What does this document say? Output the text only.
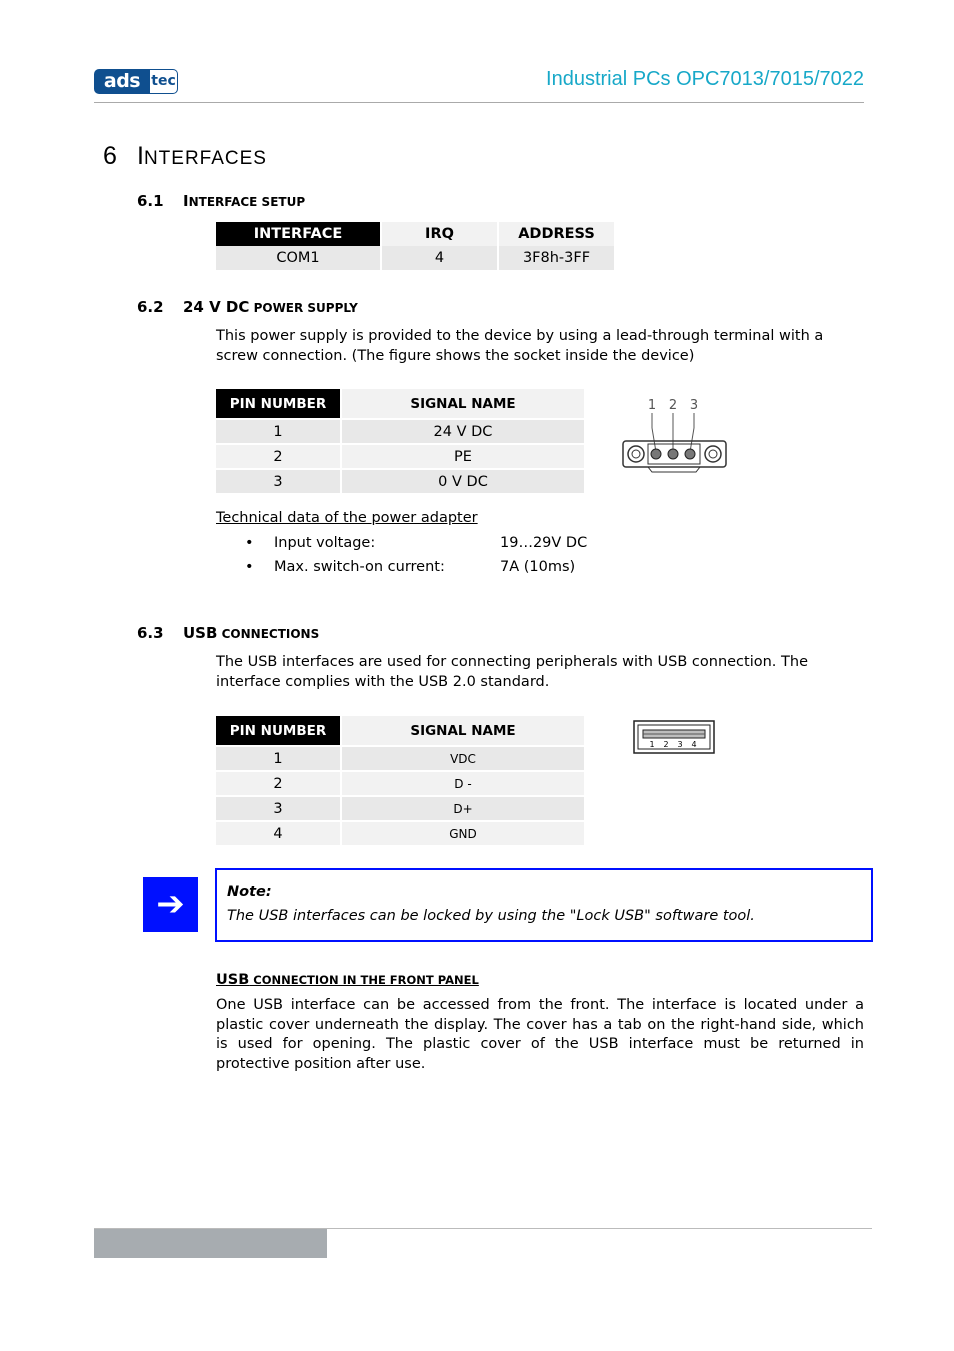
ads tec	Industrial PCs OPC7013/7015/7022
6 INTERFACES
6.1 INTERFACE SETUP
INTERFACE	IRQ	ADDRESS
COM1	4	3F8h-3FF
6.2 24 V DC POWER SUPPLY
This power supply is provided to the device by using a lead-through terminal with a screw connection. (The figure shows the socket inside the device)
PIN NUMBER	SIGNAL NAME
1	24 V DC
2	PE
3	0 V DC
1 2 3
Technical data of the power adapter
• Input voltage:	19…29V DC
• Max. switch-on current:	7A (10ms)
6.3 USB CONNECTIONS
The USB interfaces are used for connecting peripherals with USB connection. The interface complies with the USB 2.0 standard.
PIN NUMBER	SIGNAL NAME
1	VDC
2	D -
3	D+
4	GND
1 2 3 4
➔	Note:
The USB interfaces can be locked by using the "Lock USB" software tool.
USB CONNECTION IN THE FRONT PANEL
One USB interface can be accessed from the front. The interface is located under a plastic cover underneath the display. The cover has a tab on the right-hand side, which is used for opening. The plastic cover of the USB interface must be returned in protective position after use.
